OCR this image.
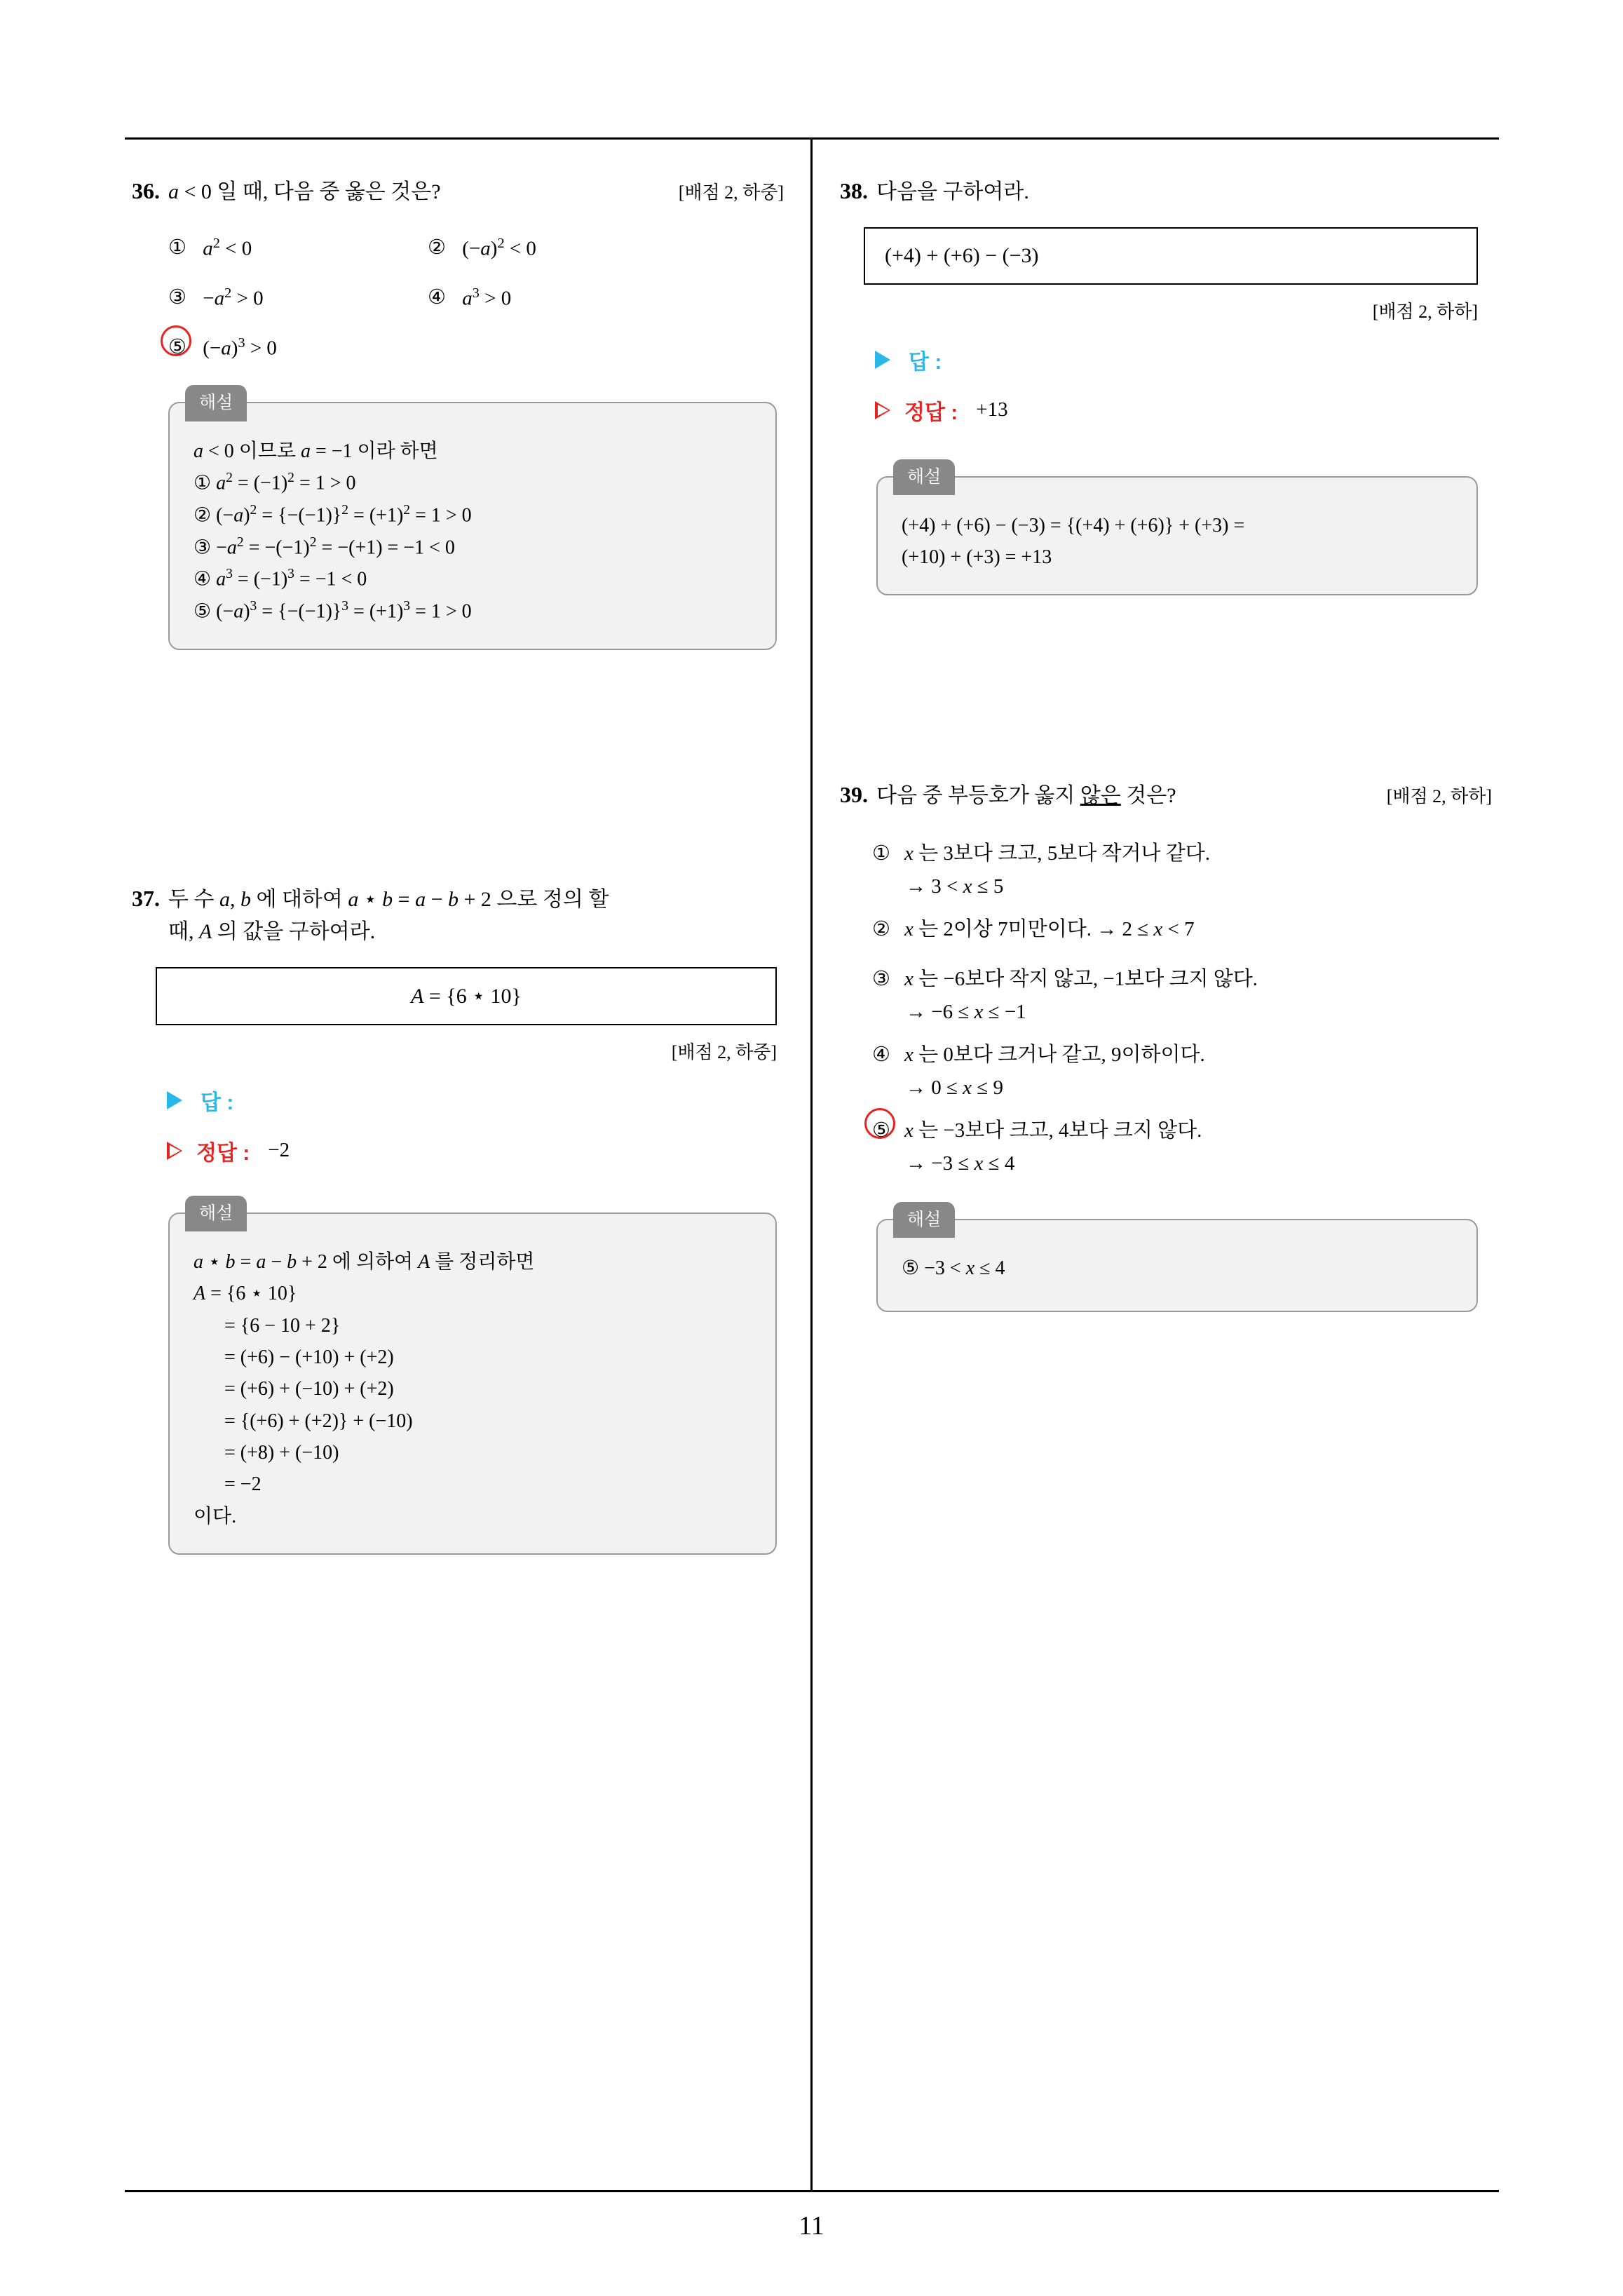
36. a < 0 일 때, 다음 중 옳은 것은?	[배점 2, 하중]
① $a^2 < 0$	② $(-a)^2 < 0$
③ $-a^2 > 0$	④ $a^3 > 0$
⑤ $(-a)^3 > 0$
해설
a < 0 이므로 a = −1 이라 하면
① $a^2 = (-1)^2 = 1 > 0$
② $(-a)^2 = \{-(-1)\}^2 = (+1)^2 = 1 > 0$
③ $-a^2 = -(-1)^2 = -(+1) = -1 < 0$
④ $a^3 = (-1)^3 = -1 < 0$
⑤ $(-a)^3 = \{-(-1)\}^3 = (+1)^3 = 1 > 0$
37. 두 수 a, b 에 대하여 a ⋆ b = a − b + 2 으로 정의 할
때, A 의 값을 구하여라.
A = {6 ⋆ 10}
[배점 2, 하중]
답 :
정답 : −2
해설
a ⋆ b = a − b + 2 에 의하여 A 를 정리하면
A = {6 ⋆ 10}
= {6 − 10 + 2}
= (+6) − (+10) + (+2)
= (+6) + (−10) + (+2)
= {(+6) + (+2)} + (−10)
= (+8) + (−10)
= −2
이다.
38. 다음을 구하여라.
(+4) + (+6) − (−3)
[배점 2, 하하]
답 :
정답 : +13
해설
(+4) + (+6) − (−3) = {(+4) + (+6)} + (+3) =
(+10) + (+3) = +13
39. 다음 중 부등호가 옳지 않은 것은?	[배점 2, 하하]
① x 는 3보다 크고, 5보다 작거나 같다.
→ 3 < x ≤ 5
② x 는 2이상 7미만이다. → 2 ≤ x < 7
③ x 는 −6보다 작지 않고, −1보다 크지 않다.
→ −6 ≤ x ≤ −1
④ x 는 0보다 크거나 같고, 9이하이다.
→ 0 ≤ x ≤ 9
⑤ x 는 −3보다 크고, 4보다 크지 않다.
→ −3 ≤ x ≤ 4
해설
⑤ −3 < x ≤ 4
11
